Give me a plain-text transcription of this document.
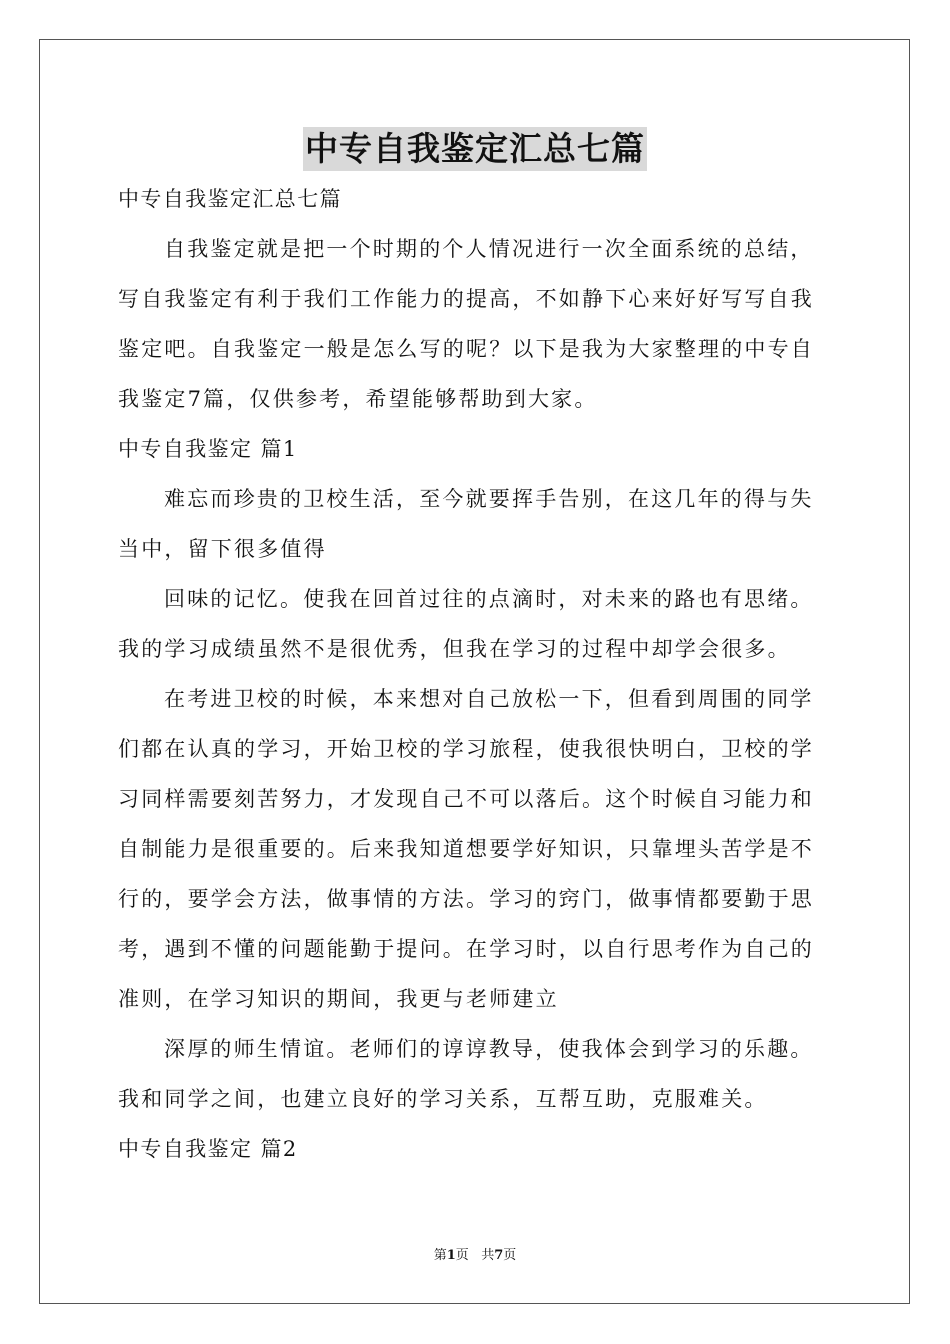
中专自我鉴定汇总七篇
中专自我鉴定汇总七篇
自我鉴定就是把一个时期的个人情况进行一次全面系统的总结，
写自我鉴定有利于我们工作能力的提高，不如静下心来好好写写自我
鉴定吧。自我鉴定一般是怎么写的呢？以下是我为大家整理的中专自
我鉴定7篇，仅供参考，希望能够帮助到大家。
中专自我鉴定 篇1
难忘而珍贵的卫校生活，至今就要挥手告别，在这几年的得与失
当中，留下很多值得
回味的记忆。使我在回首过往的点滴时，对未来的路也有思绪。
我的学习成绩虽然不是很优秀，但我在学习的过程中却学会很多。
在考进卫校的时候，本来想对自己放松一下，但看到周围的同学
们都在认真的学习，开始卫校的学习旅程，使我很快明白，卫校的学
习同样需要刻苦努力，才发现自己不可以落后。这个时候自习能力和
自制能力是很重要的。后来我知道想要学好知识，只靠埋头苦学是不
行的，要学会方法，做事情的方法。学习的窍门，做事情都要勤于思
考，遇到不懂的问题能勤于提问。在学习时，以自行思考作为自己的
准则，在学习知识的期间，我更与老师建立
深厚的师生情谊。老师们的谆谆教导，使我体会到学习的乐趣。
我和同学之间，也建立良好的学习关系，互帮互助，克服难关。
中专自我鉴定 篇2
第1页 共7页
